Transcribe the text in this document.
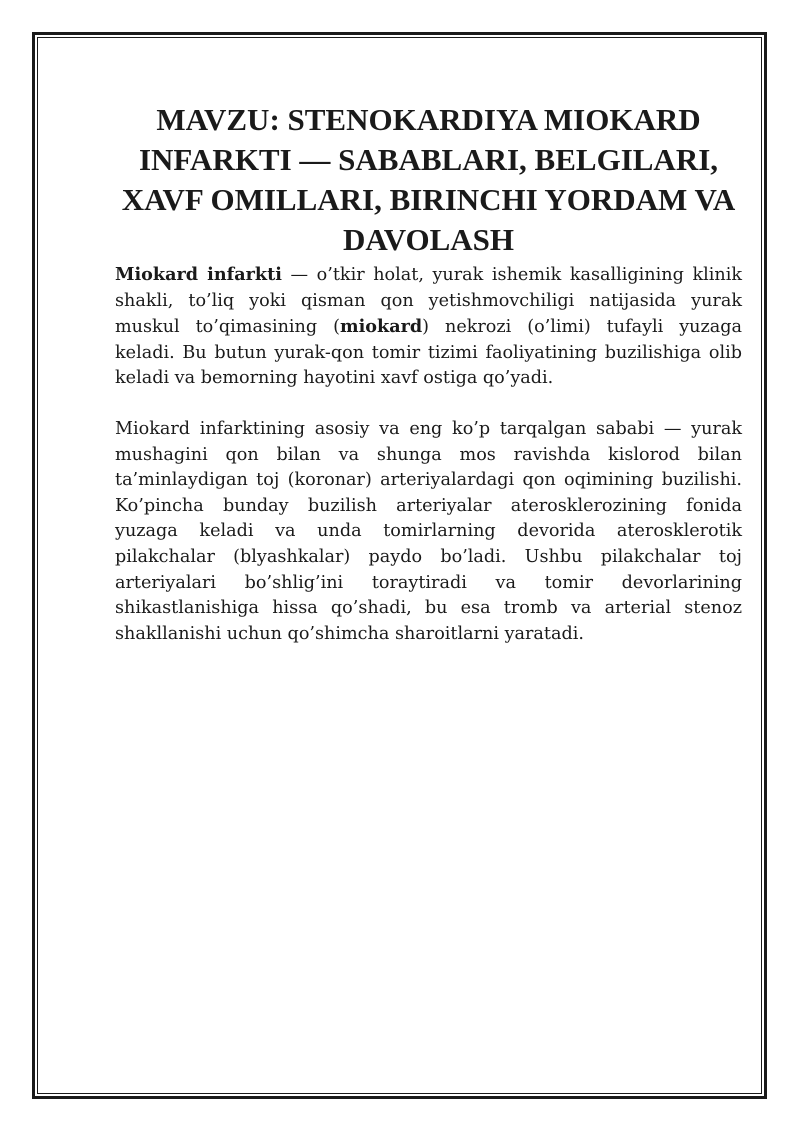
MAVZU: STENOKARDIYA MIOKARD INFARKTI — SABABLARI, BELGILARI, XAVF OMILLARI, BIRINCHI YORDAM VA DAVOLASH

Miokard infarkti — o’tkir holat, yurak ishemik kasalligining klinik shakli, to’liq yoki qisman qon yetishmovchiligi natijasida yurak muskul to’qimasining (miokard) nekrozi (o’limi) tufayli yuzaga keladi. Bu butun yurak-qon tomir tizimi faoliyatining buzilishiga olib keladi va bemorning hayotini xavf ostiga qo’yadi.

Miokard infarktining asosiy va eng ko’p tarqalgan sababi — yurak mushagini qon bilan va shunga mos ravishda kislorod bilan ta’minlaydigan toj (koronar) arteriyalardagi qon oqimining buzilishi. Ko’pincha bunday buzilish arteriyalar aterosklerozining fonida yuzaga keladi va unda tomirlarning devorida aterosklerotik pilakchalar (blyashkalar) paydo bo’ladi. Ushbu pilakchalar toj arteriyalari bo’shlig’ini toraytiradi va tomir devorlarining shikastlanishiga hissa qo’shadi, bu esa tromb va arterial stenoz shakllanishi uchun qo’shimcha sharoitlarni yaratadi.
